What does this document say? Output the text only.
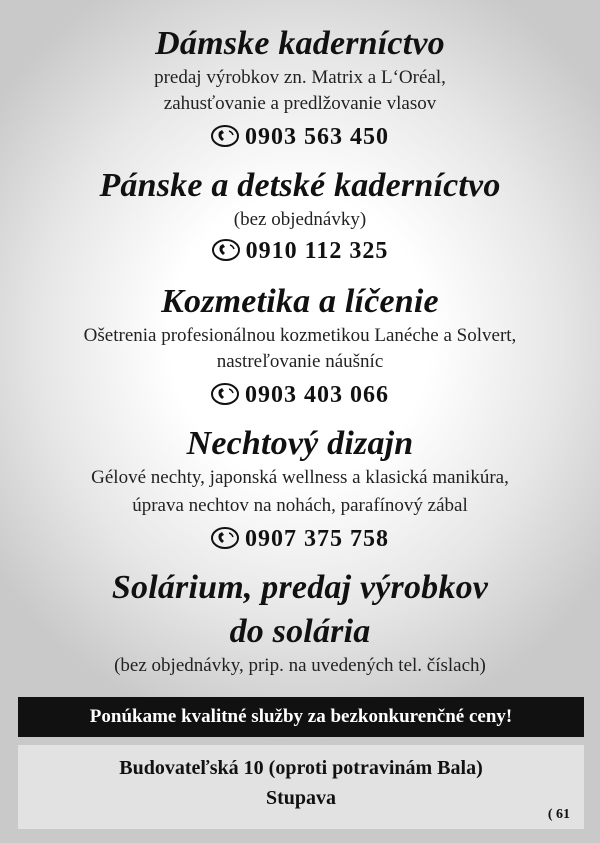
Dámske kaderníctvo
predaj výrobkov zn. Matrix a L‘Oréal,
zahusťovanie a predlžovanie vlasov
0903 563 450
Pánske a detské kaderníctvo
(bez objednávky)
0910 112 325
Kozmetika a líčenie
Ošetrenia profesionálnou kozmetikou Lanéche a Solvert,
nastreľovanie náušníc
0903 403 066
Nechtový dizajn
Gélové nechty, japonská wellness a klasická manikúra,
úprava nechtov na nohách, parafínový zábal
0907 375 758
Solárium, predaj výrobkov
do solária
(bez objednávky, prip. na uvedených tel. číslach)
Ponúkame kvalitné služby za bezkonkurenčné ceny!
Budovateľská 10 (oproti potravinám Bala)
Stupava
( 61
